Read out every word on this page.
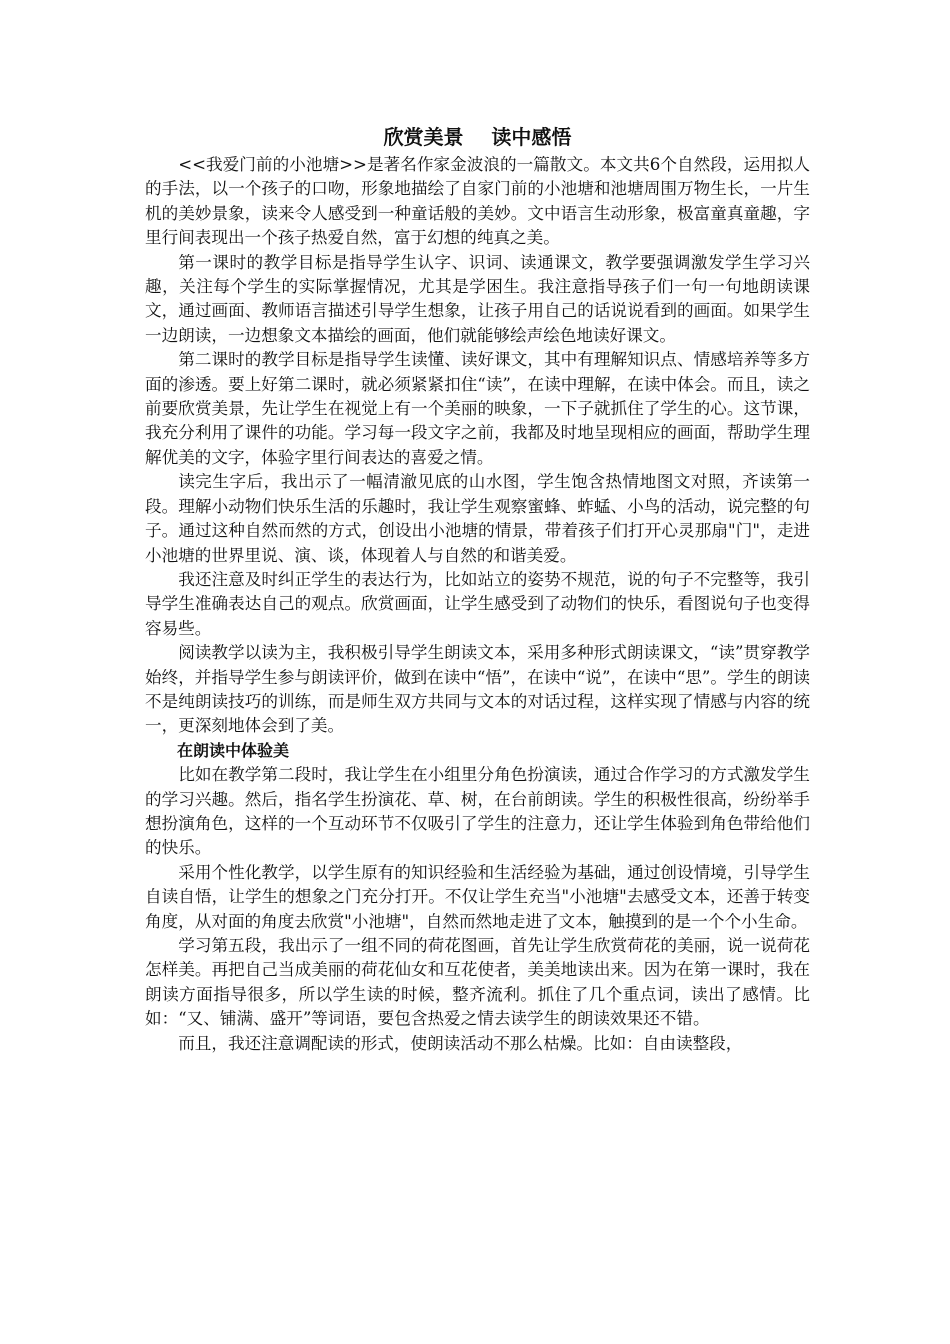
欣赏美景    读中感悟

<<我爱门前的小池塘>>是著名作家金波浪的一篇散文。本文共6个自然段，运用拟人的手法，以一个孩子的口吻，形象地描绘了自家门前的小池塘和池塘周围万物生长，一片生机的美妙景象，读来令人感受到一种童话般的美妙。文中语言生动形象，极富童真童趣，字里行间表现出一个孩子热爱自然，富于幻想的纯真之美。

第一课时的教学目标是指导学生认字、识词、读通课文，教学要强调激发学生学习兴趣，关注每个学生的实际掌握情况，尤其是学困生。我注意指导孩子们一句一句地朗读课文，通过画面、教师语言描述引导学生想象，让孩子用自己的话说说看到的画面。如果学生一边朗读，一边想象文本描绘的画面，他们就能够绘声绘色地读好课文。

第二课时的教学目标是指导学生读懂、读好课文，其中有理解知识点、情感培养等多方面的渗透。要上好第二课时，就必须紧紧扣住“读”，在读中理解，在读中体会。而且，读之前要欣赏美景，先让学生在视觉上有一个美丽的映象，一下子就抓住了学生的心。这节课，我充分利用了课件的功能。学习每一段文字之前，我都及时地呈现相应的画面，帮助学生理解优美的文字，体验字里行间表达的喜爱之情。

读完生字后，我出示了一幅清澈见底的山水图，学生饱含热情地图文对照，齐读第一段。理解小动物们快乐生活的乐趣时，我让学生观察蜜蜂、蚱蜢、小鸟的活动，说完整的句子。通过这种自然而然的方式，创设出小池塘的情景，带着孩子们打开心灵那扇"门"，走进小池塘的世界里说、演、谈，体现着人与自然的和谐美爱。

我还注意及时纠正学生的表达行为，比如站立的姿势不规范，说的句子不完整等，我引导学生准确表达自己的观点。欣赏画面，让学生感受到了动物们的快乐，看图说句子也变得容易些。

阅读教学以读为主，我积极引导学生朗读文本，采用多种形式朗读课文，“读”贯穿教学始终，并指导学生参与朗读评价，做到在读中“悟”，在读中“说”，在读中“思”。学生的朗读不是纯朗读技巧的训练，而是师生双方共同与文本的对话过程，这样实现了情感与内容的统一，更深刻地体会到了美。

在朗读中体验美

比如在教学第二段时，我让学生在小组里分角色扮演读，通过合作学习的方式激发学生的学习兴趣。然后，指名学生扮演花、草、树，在台前朗读。学生的积极性很高，纷纷举手想扮演角色，这样的一个互动环节不仅吸引了学生的注意力，还让学生体验到角色带给他们的快乐。

采用个性化教学，以学生原有的知识经验和生活经验为基础，通过创设情境，引导学生自读自悟，让学生的想象之门充分打开。不仅让学生充当"小池塘"去感受文本，还善于转变角度，从对面的角度去欣赏"小池塘"，自然而然地走进了文本，触摸到的是一个个小生命。

学习第五段，我出示了一组不同的荷花图画，首先让学生欣赏荷花的美丽，说一说荷花怎样美。再把自己当成美丽的荷花仙女和互花使者，美美地读出来。因为在第一课时，我在朗读方面指导很多，所以学生读的时候，整齐流利。抓住了几个重点词，读出了感情。比如：“又、铺满、盛开”等词语，要包含热爱之情去读学生的朗读效果还不错。

而且，我还注意调配读的形式，使朗读活动不那么枯燥。比如：自由读整段，
